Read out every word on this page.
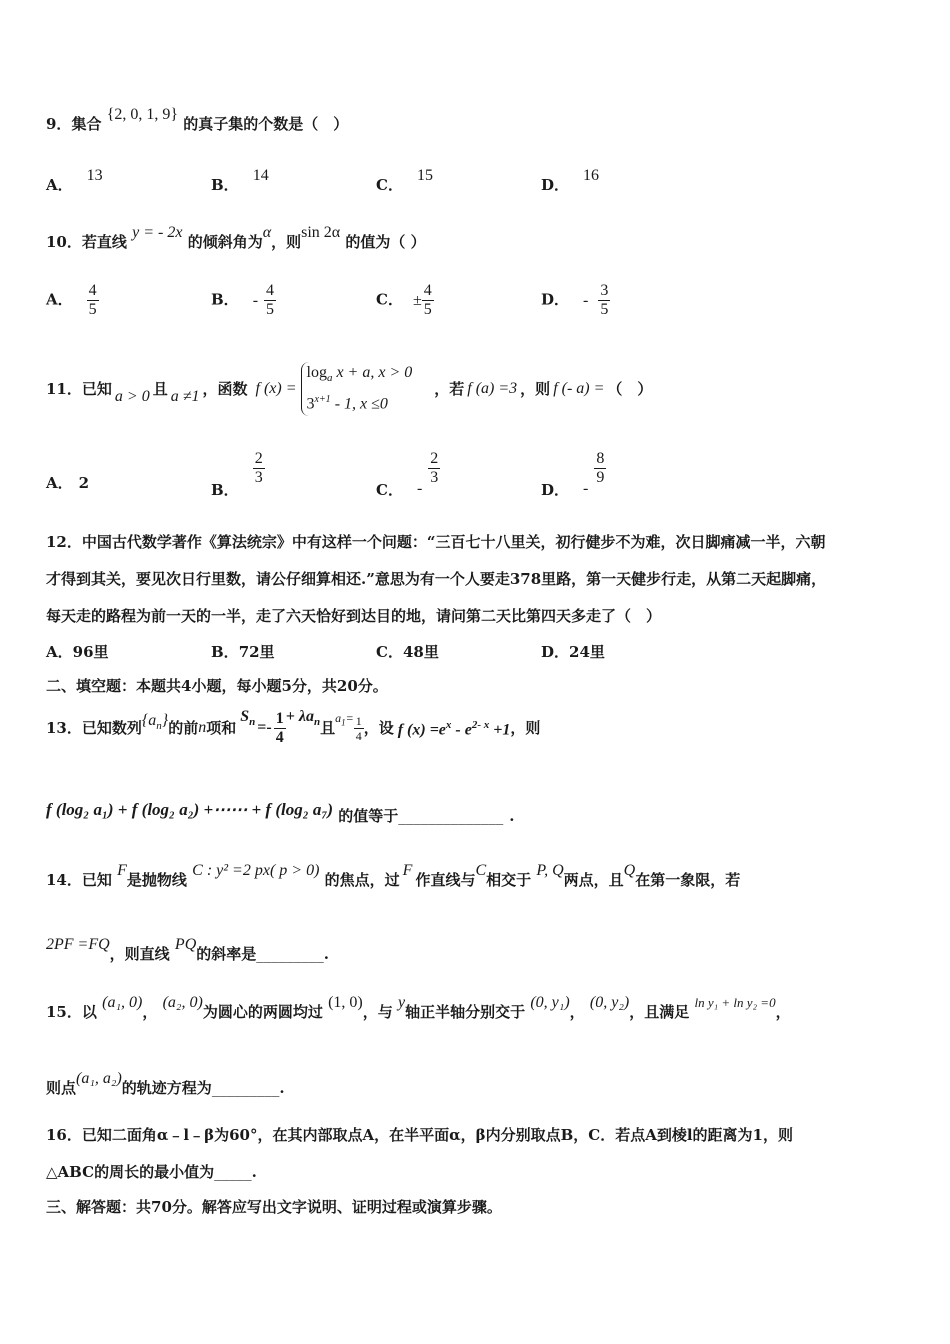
9．集合 {2, 0, 1, 9} 的真子集的个数是（　）
A．13
B．14
C．15
D．16
10．若直线 y = - 2x 的倾斜角为α，则sin 2α 的值为（ ）
A． $\frac{4}{5}$	B． - $\frac{4}{5}$	C． ± $\frac{4}{5}$	D． - $\frac{3}{5}$
11． 已知 a > 0 且 a ≠1 ，函数 f (x) =
$\log_a x + a$, x > 0
$3^{x+1} - 1$, x ≤0
，若 f (a) =3 ，则 f (- a) = （　）
A． 2	B．
$\frac{2}{3}$
C． -
$\frac{2}{3}$
D． -
$\frac{8}{9}$
12．中国古代数学著作《算法统宗》中有这样一个问题：“三百七十八里关，初行健步不为难，次日脚痛减一半，六朝
才得到其关，要见次日行里数，请公仔细算相还.”意思为有一个人要走378里路，第一天健步行走，从第二天起脚痛，
每天走的路程为前一天的一半，走了六天恰好到达目的地，请问第二天比第四天多走了（　）
A．96里	B．72里	C．48里	D．24里
二、填空题：本题共4小题，每小题5分，共20分。
13． 已知数列 $\{a_n\}$ 的前 n 项和
$S_n =- \frac{1}{4} + \lambda a_n$ 且
$a_1= \frac{1}{4}$ ，设 f $(x) =e^x - e^{2- x} +1$ ，则
f (log₂ a₁) + f (log₂ a₂) +⋯⋯ + f (log₂ a₇) 的值等于______________ .
14．已知 F是抛物线 C : y² =2 px( p > 0) 的焦点，过F作直线与C相交于 P, Q两点，且Q在第一象限，若
2PF =FQ，则直线 PQ的斜率是_________.
15．以 (a₁, 0)， (a₂, 0)为圆心的两圆均过 (1, 0)，与 y轴正半轴分别交于 (0, y₁)， (0, y₂)，且满足 ln y₁ + ln y₂ =0，
则点(a₁, a₂)的轨迹方程为_________.
16．已知二面角α﹣l﹣β为60°，在其内部取点A，在半平面α，β内分别取点B，C．若点A到棱l的距离为1，则
△ABC的周长的最小值为_____.
三、解答题：共70分。解答应写出文字说明、证明过程或演算步骤。
